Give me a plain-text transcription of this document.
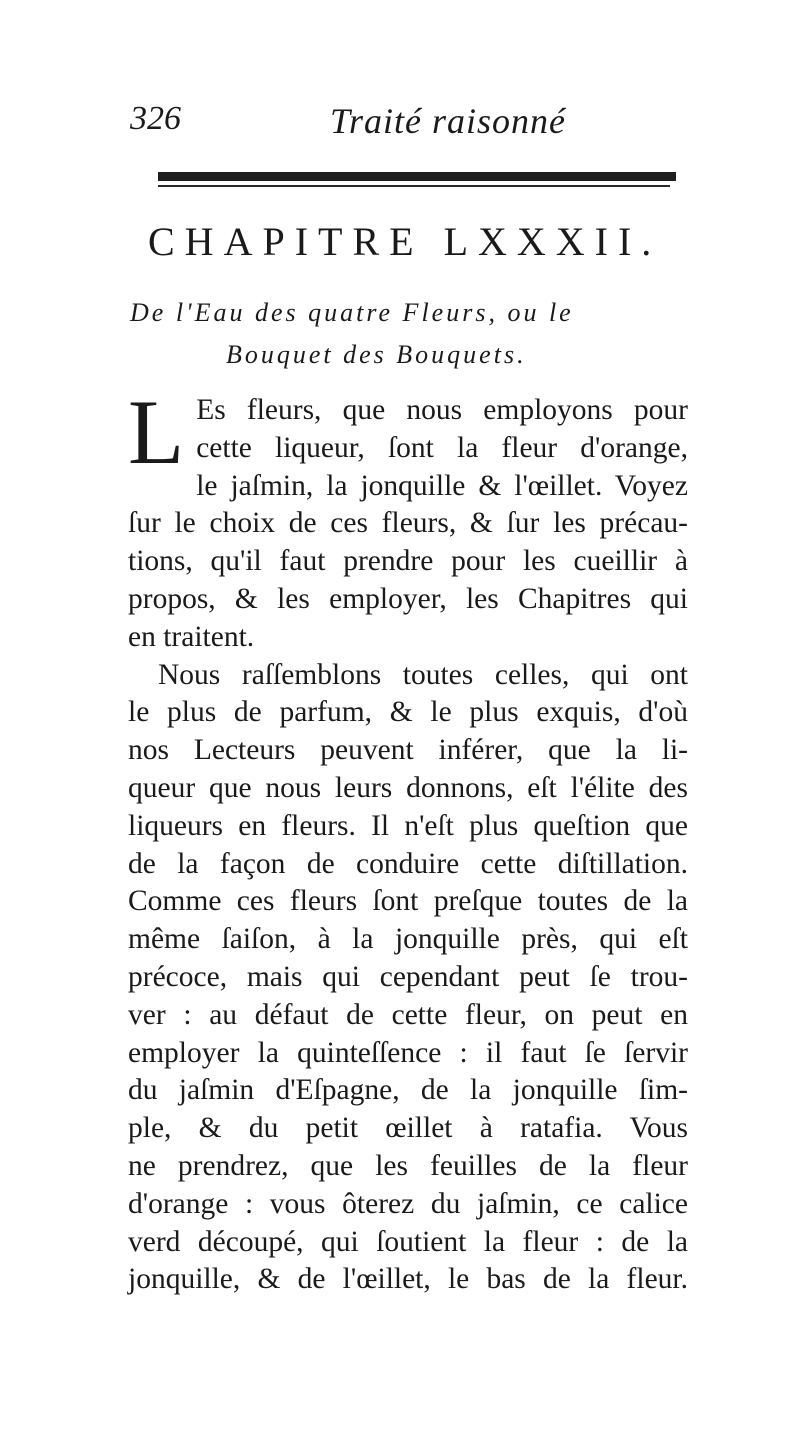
326	Traité raisonné
CHAPITRE LXXXII.
De l'Eau des quatre Fleurs, ou le
Bouquet des Bouquets.
L Es fleurs, que nous employons pour
cette liqueur, ſont la fleur d'orange,
le jaſmin, la jonquille & l'œillet. Voyez
ſur le choix de ces fleurs, & ſur les précau-
tions, qu'il faut prendre pour les cueillir à
propos, & les employer, les Chapitres qui
en traitent.
Nous raſſemblons toutes celles, qui ont
le plus de parfum, & le plus exquis, d'où
nos Lecteurs peuvent inférer, que la li-
queur que nous leurs donnons, eſt l'élite des
liqueurs en fleurs. Il n'eſt plus queſtion que
de la façon de conduire cette diſtillation.
Comme ces fleurs ſont preſque toutes de la
même ſaiſon, à la jonquille près, qui eſt
précoce, mais qui cependant peut ſe trou-
ver : au défaut de cette fleur, on peut en
employer la quinteſſence : il faut ſe ſervir
du jaſmin d'Eſpagne, de la jonquille ſim-
ple, & du petit œillet à ratafia. Vous
ne prendrez, que les feuilles de la fleur
d'orange : vous ôterez du jaſmin, ce calice
verd découpé, qui ſoutient la fleur : de la
jonquille, & de l'œillet, le bas de la fleur.
